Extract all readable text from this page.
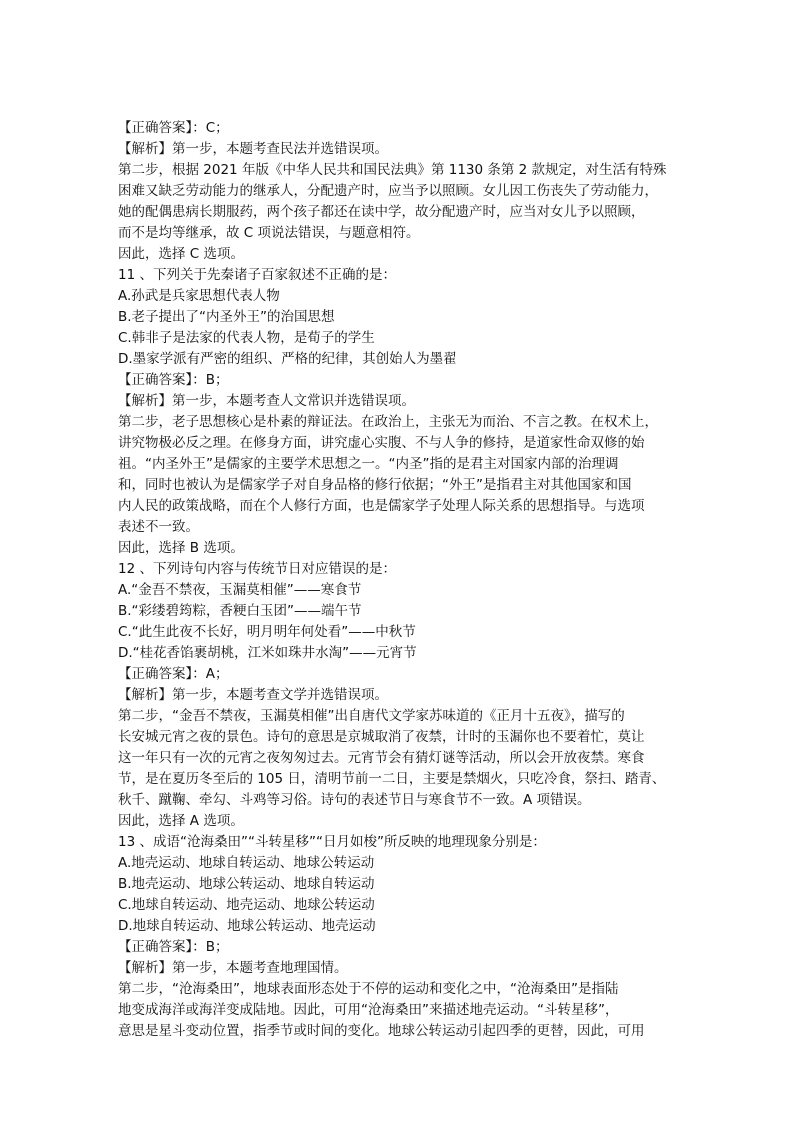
【正确答案】：C；
【解析】第一步，本题考查民法并选错误项。
第二步，根据 2021 年版《中华人民共和国民法典》第 1130 条第 2 款规定，对生活有特殊
困难又缺乏劳动能力的继承人，分配遗产时，应当予以照顾。女儿因工伤丧失了劳动能力，
她的配偶患病长期服药，两个孩子都还在读中学，故分配遗产时，应当对女儿予以照顾，
而不是均等继承，故 C 项说法错误，与题意相符。
因此，选择 C 选项。
11 、下列关于先秦诸子百家叙述不正确的是：
A.孙武是兵家思想代表人物
B.老子提出了“内圣外王”的治国思想
C.韩非子是法家的代表人物，是荀子的学生
D.墨家学派有严密的组织、严格的纪律，其创始人为墨翟
【正确答案】：B；
【解析】第一步，本题考查人文常识并选错误项。
第二步，老子思想核心是朴素的辩证法。在政治上，主张无为而治、不言之教。在权术上，
讲究物极必反之理。在修身方面，讲究虚心实腹、不与人争的修持，是道家性命双修的始
祖。“内圣外王”是儒家的主要学术思想之一。“内圣”指的是君主对国家内部的治理调
和，同时也被认为是儒家学子对自身品格的修行依据；“外王”是指君主对其他国家和国
内人民的政策战略，而在个人修行方面，也是儒家学子处理人际关系的思想指导。与选项
表述不一致。
因此，选择 B 选项。
12 、下列诗句内容与传统节日对应错误的是：
A.“金吾不禁夜，玉漏莫相催”——寒食节
B.“彩缕碧筠粽，香粳白玉团”——端午节
C.“此生此夜不长好，明月明年何处看”——中秋节
D.“桂花香馅裹胡桃，江米如珠井水淘”——元宵节
【正确答案】：A；
【解析】第一步，本题考查文学并选错误项。
第二步，“金吾不禁夜，玉漏莫相催”出自唐代文学家苏味道的《正月十五夜》，描写的
长安城元宵之夜的景色。诗句的意思是京城取消了夜禁，计时的玉漏你也不要着忙，莫让
这一年只有一次的元宵之夜匆匆过去。元宵节会有猜灯谜等活动，所以会开放夜禁。寒食
节，是在夏历冬至后的 105 日，清明节前一二日，主要是禁烟火，只吃冷食，祭扫、踏青、
秋千、蹴鞠、牵勾、斗鸡等习俗。诗句的表述节日与寒食节不一致。A 项错误。
因此，选择 A 选项。
13 、成语“沧海桑田”“斗转星移”“日月如梭”所反映的地理现象分别是：
A.地壳运动、地球自转运动、地球公转运动
B.地壳运动、地球公转运动、地球自转运动
C.地球自转运动、地壳运动、地球公转运动
D.地球自转运动、地球公转运动、地壳运动
【正确答案】：B；
【解析】第一步，本题考查地理国情。
第二步，“沧海桑田”，地球表面形态处于不停的运动和变化之中，“沧海桑田”是指陆
地变成海洋或海洋变成陆地。因此，可用“沧海桑田”来描述地壳运动。“斗转星移”，
意思是星斗变动位置，指季节或时间的变化。地球公转运动引起四季的更替，因此，可用
